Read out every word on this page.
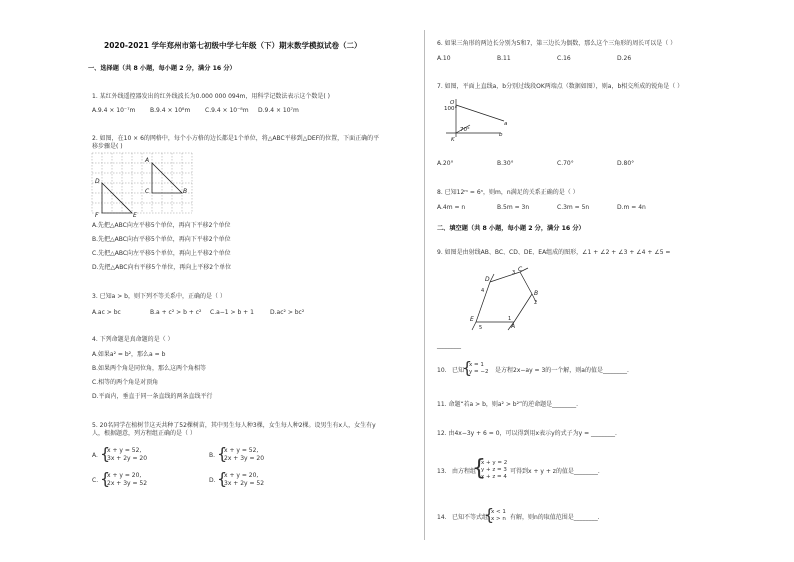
2020-2021 学年郑州市第七初级中学七年级（下）期末数学模拟试卷（二）
一、选择题（共 8 小题，每小题 2 分，满分 16 分）
1. 某红外线遥控器发出的红外线波长为0.000 000 094m，用科学记数法表示这个数是( )
A.9.4 × 10⁻⁷m B.9.4 × 10⁸m C.9.4 × 10⁻⁸m D.9.4 × 10⁷m
2. 如图，在10 × 6的网格中，每个小方格的边长都是1个单位，将△ABC平移到△DEF的位置，下面正确的平
移步骤是( )
A
C	B
D
F	E
A.先把△ABC向左平移5个单位，再向下平移2个单位
B.先把△ABC向右平移5个单位，再向下平移2个单位
C.先把△ABC向左平移5个单位，再向上平移2个单位
D.先把△ABC向右平移5个单位，再向上平移2个单位
3. 已知a > b，则下列不等关系中，正确的是（ ）
A.ac > bc	B.a + c² > b + c² C.a−1 > b + 1	D.ac² > bc²
4. 下列命题是真命题的是（ ）
A.如果a² = b²，那么a = b
B.如果两个角是同位角，那么这两个角相等
C.相等的两个角是对顶角
D.平面内，垂直于同一条直线的两条直线平行
5. 20名同学在植树节这天共种了52棵树苗，其中男生每人种3棵，女生每人种2棵。设男生有x人，女生有y
人，根据题意，列方程组正确的是（ ）
A. {
x + y = 52,
3x + 2y = 20	B. {
x + y = 52,
2x + 3y = 20
C. {
x + y = 20,
2x + 3y = 52	D. {
x + y = 20,
3x + 2y = 52
6. 如果三角形的两边长分别为5和7，第三边长为偶数，那么这个三角形的周长可以是（ ）
A.10	B.11	C.16	D.26
7. 如图，平面上直线a，b分别过线段OK两端点（数据如图），则a，b相交所成的锐角是（ ）
100°
70°
a
b
O
K
A.20°	B.30°	C.70°	D.80°
8. 已知12ᵐ = 6ⁿ，则m，n满足的关系正确的是（ ）
A.4m = n	B.5m = 3n	C.3m = 5n	D.m = 4n
二、填空题（共 8 小题，每小题 2 分，满分 16 分）
9. 如图是由射线AB、BC、CD、DE、EA组成的图形，∠1 + ∠2 + ∠3 + ∠4 + ∠5 =
D
C
B
A
E	1
2
3
4
5
________
10. 已知
{
x = 1
y = −2 是方程2x−ay = 3的一个解，则a的值是________.
11. 命题“若a > b，则a² > b²”的逆命题是________.
12. 由4x−3y + 6 = 0，可以得到用x表示y的式子为y = ________.
13. 由方程组
{
x + y = 2
y + z = 3
x + z = 4
可得到x + y + z的值是________.
14. 已知不等式组
{
x < 1
x > n 有解，则n的取值范围是________.
